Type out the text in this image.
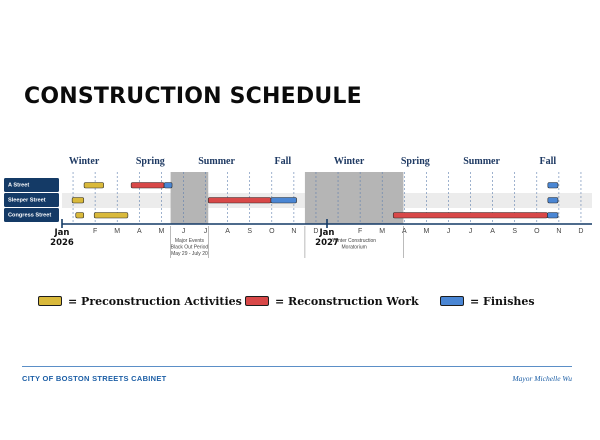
CONSTRUCTION SCHEDULE
Winter	Spring	Summer	Fall	Winter	Spring	Summer	Fall
A Street
Sleeper Street
Congress Street
F M A M J	J	A S O N D	F M A M J	J	A S O N D
Jan
2026
Jan
2027
Major Events
Black Out Period
May 29 - July 20
Winter Construction
Moratorium
= Preconstruction Activities	= Reconstruction Work	= Finishes
CITY OF BOSTON STREETS CABINET	Mayor Michelle Wu
